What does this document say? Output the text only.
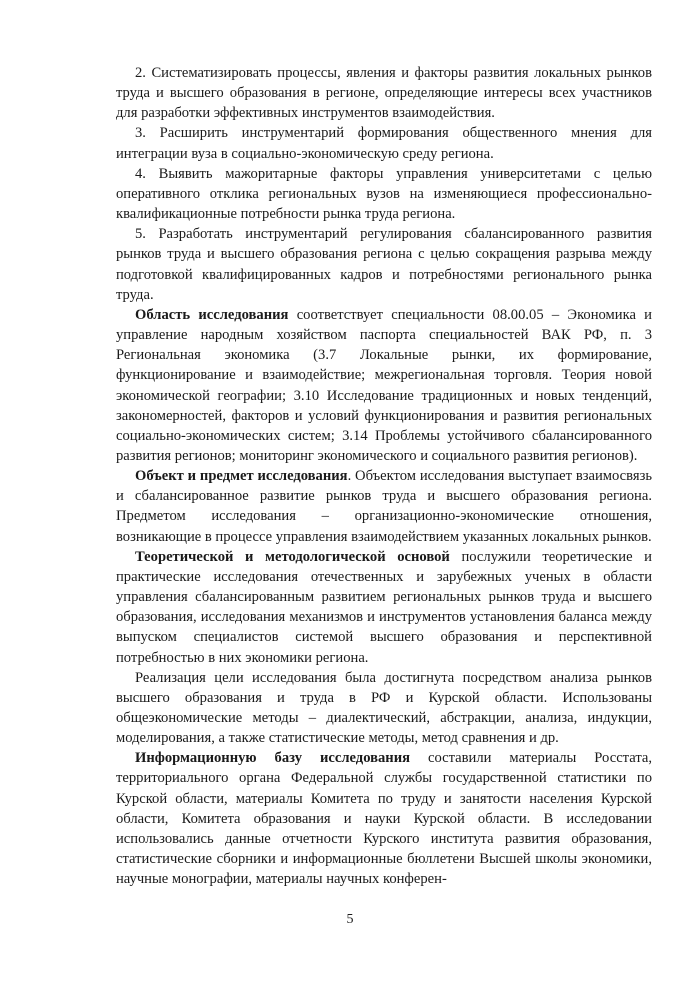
2. Систематизировать процессы, явления и факторы развития локальных рынков труда и высшего образования в регионе, определяющие интересы всех участников для разработки эффективных инструментов взаимодействия.

3. Расширить инструментарий формирования общественного мнения для интеграции вуза в социально-экономическую среду региона.

4. Выявить мажоритарные факторы управления университетами с целью оперативного отклика региональных вузов на изменяющиеся профессионально-квалификационные потребности рынка труда региона.

5. Разработать инструментарий регулирования сбалансированного развития рынков труда и высшего образования региона с целью сокращения разрыва между подготовкой квалифицированных кадров и потребностями регионального рынка труда.

Область исследования соответствует специальности 08.00.05 – Экономика и управление народным хозяйством паспорта специальностей ВАК РФ, п. 3 Региональная экономика (3.7 Локальные рынки, их формирование, функционирование и взаимодействие; межрегиональная торговля. Теория новой экономической географии; 3.10 Исследование традиционных и новых тенденций, закономерностей, факторов и условий функционирования и развития региональных социально-экономических систем; 3.14 Проблемы устойчивого сбалансированного развития регионов; мониторинг экономического и социального развития регионов).

Объект и предмет исследования. Объектом исследования выступает взаимосвязь и сбалансированное развитие рынков труда и высшего образования региона. Предметом исследования – организационно-экономические отношения, возникающие в процессе управления взаимодействием указанных локальных рынков.

Теоретической и методологической основой послужили теоретические и практические исследования отечественных и зарубежных ученых в области управления сбалансированным развитием региональных рынков труда и высшего образования, исследования механизмов и инструментов установления баланса между выпуском специалистов системой высшего образования и перспективной потребностью в них экономики региона.

Реализация цели исследования была достигнута посредством анализа рынков высшего образования и труда в РФ и Курской области. Использованы общеэкономические методы – диалектический, абстракции, анализа, индукции, моделирования, а также статистические методы, метод сравнения и др.

Информационную базу исследования составили материалы Росстата, территориального органа Федеральной службы государственной статистики по Курской области, материалы Комитета по труду и занятости населения Курской области, Комитета образования и науки Курской области. В исследовании использовались данные отчетности Курского института развития образования, статистические сборники и информационные бюллетени Высшей школы экономики, научные монографии, материалы научных конферен-

5
